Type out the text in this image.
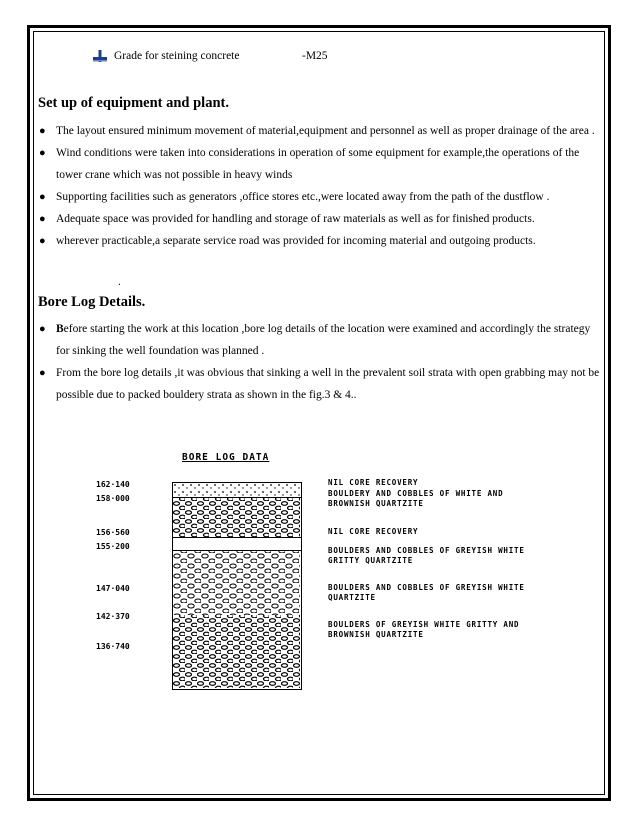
Grade for steining concrete	-M25
Set up of equipment and plant.
● The layout ensured minimum movement of material,equipment and personnel as well as proper drainage of the area .
● Wind conditions were taken into considerations in operation of some equipment for example,the operations of the tower crane which was not possible in heavy winds
● Supporting facilities such as generators ,office stores etc.,were located away from the path of the dustflow .
● Adequate space was provided for handling and storage of raw materials as well as for finished products.
● wherever practicable,a separate service road was provided for incoming material and outgoing products.
.
Bore Log Details.
● Before starting the work at this location ,bore log details of the location were examined and accordingly the strategy for sinking the well foundation was planned .
● From the bore log details ,it was obvious that sinking a well in the prevalent soil strata with open grabbing may not be possible due to packed bouldery strata as shown in the fig.3 & 4..
BORE LOG DATA
162·140
158·000
156·560
155·200
147·040
142·370
136·740
NIL CORE RECOVERY
BOULDERY AND COBBLES OF WHITE AND BROWNISH QUARTZITE
NIL CORE RECOVERY
BOULDERS AND COBBLES OF GREYISH WHITE GRITTY QUARTZITE
BOULDERS AND COBBLES OF GREYISH WHITE QUARTZITE
BOULDERS OF GREYISH WHITE GRITTY AND BROWNISH QUARTZITE
